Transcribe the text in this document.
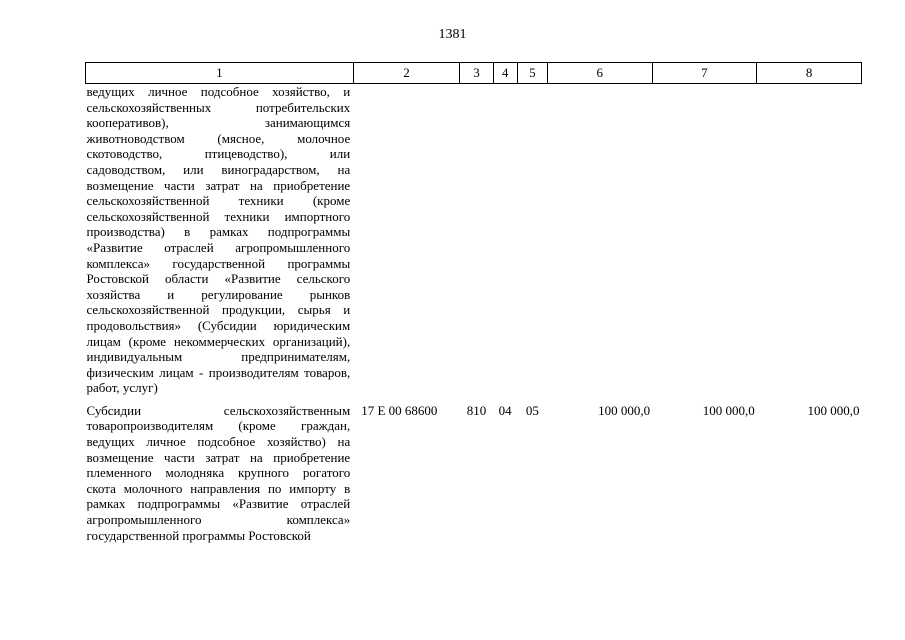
1381
1	2	3	4	5	6	7	8
ведущих личное подсобное хозяйство, и сельскохозяйственных потребительских кооперативов), занимающимся животноводством (мясное, молочное скотоводство, птицеводство), или садоводством, или виноградарством, на возмещение части затрат на приобретение сельскохозяйственной техники (кроме сельскохозяйственной техники импортного производства) в рамках подпрограммы «Развитие отраслей агропромышленного комплекса» государственной программы Ростовской области «Развитие сельского хозяйства и регулирование рынков сельскохозяйственной продукции, сырья и продовольствия» (Субсидии юридическим лицам (кроме некоммерческих организаций), индивидуальным предпринимателям, физическим лицам - производителям товаров, работ, услуг)							
Субсидии сельскохозяйственным товаропроизводителям (кроме граждан, ведущих личное подсобное хозяйство) на возмещение части затрат на приобретение племенного молодняка крупного рогатого скота молочного направления по импорту в рамках подпрограммы «Развитие отраслей агропромышленного комплекса» государственной программы Ростовской	17 Е 00 68600	810	04	05	100 000,0	100 000,0	100 000,0
